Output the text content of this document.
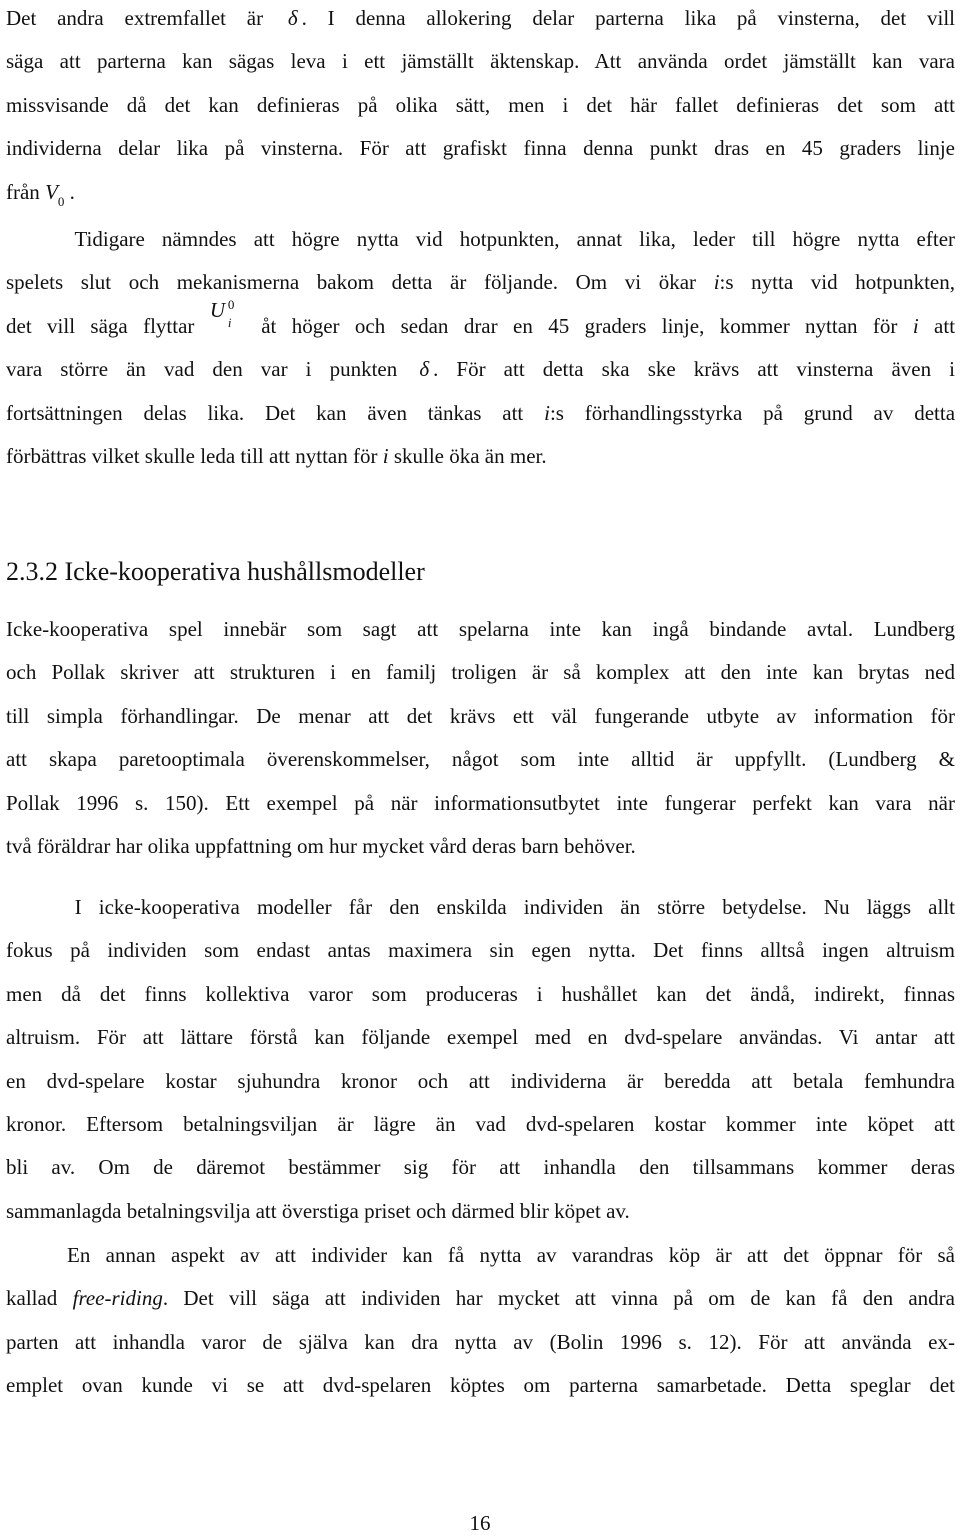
Det andra extremfallet är δ . I denna allokering delar parterna lika på vinsterna, det vill
säga att parterna kan sägas leva i ett jämställt äktenskap. Att använda ordet jämställt kan vara
missvisande då det kan definieras på olika sätt, men i det här fallet definieras det som att
individerna delar lika på vinsterna. För att grafiskt finna denna punkt dras en 45 graders linje
från $V_0$ .

Tidigare nämndes att högre nytta vid hotpunkten, annat lika, leder till högre nytta efter
spelets slut och mekanismerna bakom detta är följande. Om vi ökar i:s nytta vid hotpunkten,
det vill säga flyttar
U 0
i åt höger och sedan drar en 45 graders linje, kommer nyttan för i att
vara större än vad den var i punkten δ . För att detta ska ske krävs att vinsterna även i
fortsättningen delas lika. Det kan även tänkas att i:s förhandlingsstyrka på grund av detta
förbättras vilket skulle leda till att nyttan för i skulle öka än mer.

2.3.2 Icke-kooperativa hushållsmodeller

Icke-kooperativa spel innebär som sagt att spelarna inte kan ingå bindande avtal. Lundberg
och Pollak skriver att strukturen i en familj troligen är så komplex att den inte kan brytas ned
till simpla förhandlingar. De menar att det krävs ett väl fungerande utbyte av information för
att skapa paretooptimala överenskommelser, något som inte alltid är uppfyllt. (Lundberg &
Pollak 1996 s. 150). Ett exempel på när informationsutbytet inte fungerar perfekt kan vara när
två föräldrar har olika uppfattning om hur mycket vård deras barn behöver.

I icke-kooperativa modeller får den enskilda individen än större betydelse. Nu läggs allt
fokus på individen som endast antas maximera sin egen nytta. Det finns alltså ingen altruism
men då det finns kollektiva varor som produceras i hushållet kan det ändå, indirekt, finnas
altruism. För att lättare förstå kan följande exempel med en dvd-spelare användas. Vi antar att
en dvd-spelare kostar sjuhundra kronor och att individerna är beredda att betala femhundra
kronor. Eftersom betalningsviljan är lägre än vad dvd-spelaren kostar kommer inte köpet att
bli av. Om de däremot bestämmer sig för att inhandla den tillsammans kommer deras
sammanlagda betalningsvilja att överstiga priset och därmed blir köpet av.

En annan aspekt av att individer kan få nytta av varandras köp är att det öppnar för så
kallad free-riding. Det vill säga att individen har mycket att vinna på om de kan få den andra
parten att inhandla varor de själva kan dra nytta av (Bolin 1996 s. 12). För att använda ex-
emplet ovan kunde vi se att dvd-spelaren köptes om parterna samarbetade. Detta speglar det

16
